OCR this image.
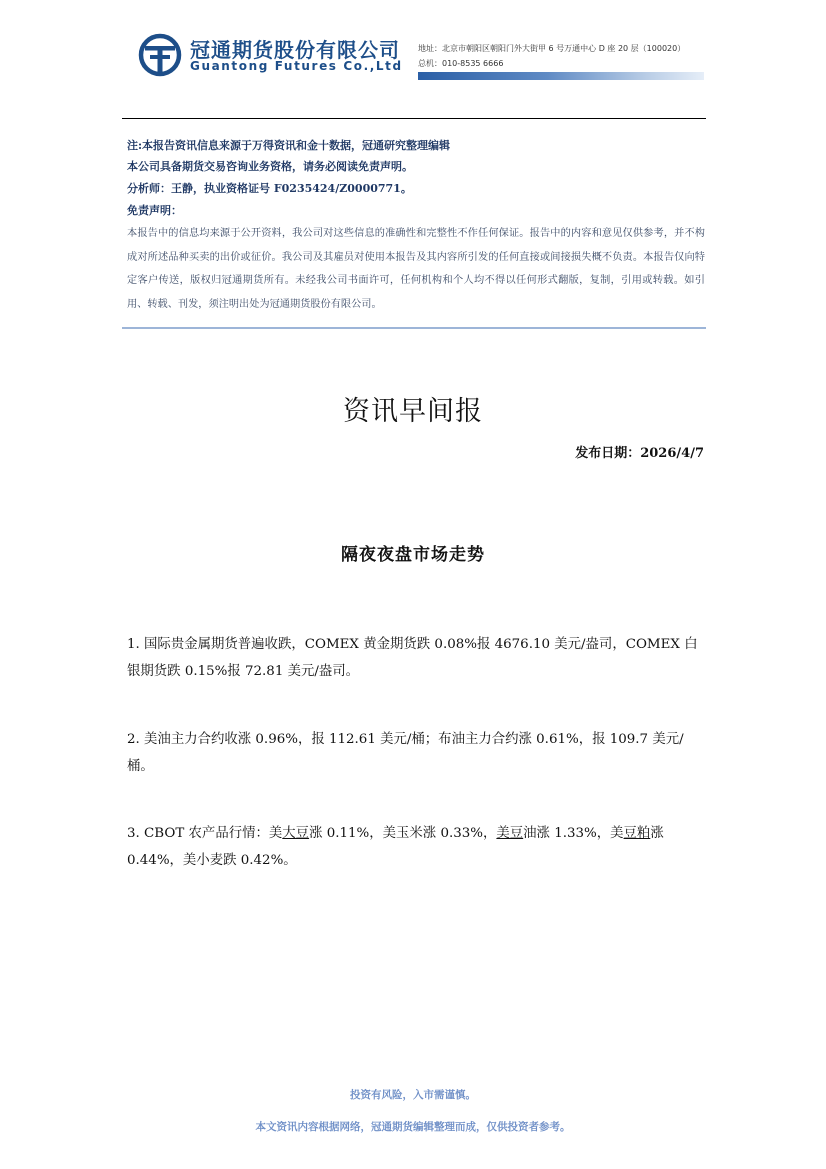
冠通期货股份有限公司
Guantong Futures Co.,Ltd
地址：北京市朝阳区朝阳门外大街甲 6 号万通中心 D 座 20 层（100020）
总机：010-8535 6666
注:本报告资讯信息来源于万得资讯和金十数据，冠通研究整理编辑
本公司具备期货交易咨询业务资格，请务必阅读免责声明。
分析师：王静，执业资格证号 F0235424/Z0000771。
免责声明：
本报告中的信息均来源于公开资料，我公司对这些信息的准确性和完整性不作任何保证。报告中的内容和意见仅供参考，并不构成对所述品种买卖的出价或征价。我公司及其雇员对使用本报告及其内容所引发的任何直接或间接损失概不负责。本报告仅向特定客户传送，版权归冠通期货所有。未经我公司书面许可，任何机构和个人均不得以任何形式翻版，复制，引用或转载。如引用、转载、刊发，须注明出处为冠通期货股份有限公司。
资讯早间报
发布日期：2026/4/7
隔夜夜盘市场走势
1. 国际贵金属期货普遍收跌，COMEX 黄金期货跌 0.08%报 4676.10 美元/盎司，COMEX 白银期货跌 0.15%报 72.81 美元/盎司。
2. 美油主力合约收涨 0.96%，报 112.61 美元/桶；布油主力合约涨 0.61%，报 109.7 美元/桶。
3. CBOT 农产品行情：美大豆涨 0.11%，美玉米涨 0.33%，美豆油涨 1.33%，美豆粕涨 0.44%，美小麦跌 0.42%。
投资有风险，入市需谨慎。
本文资讯内容根据网络，冠通期货编辑整理而成，仅供投资者参考。
